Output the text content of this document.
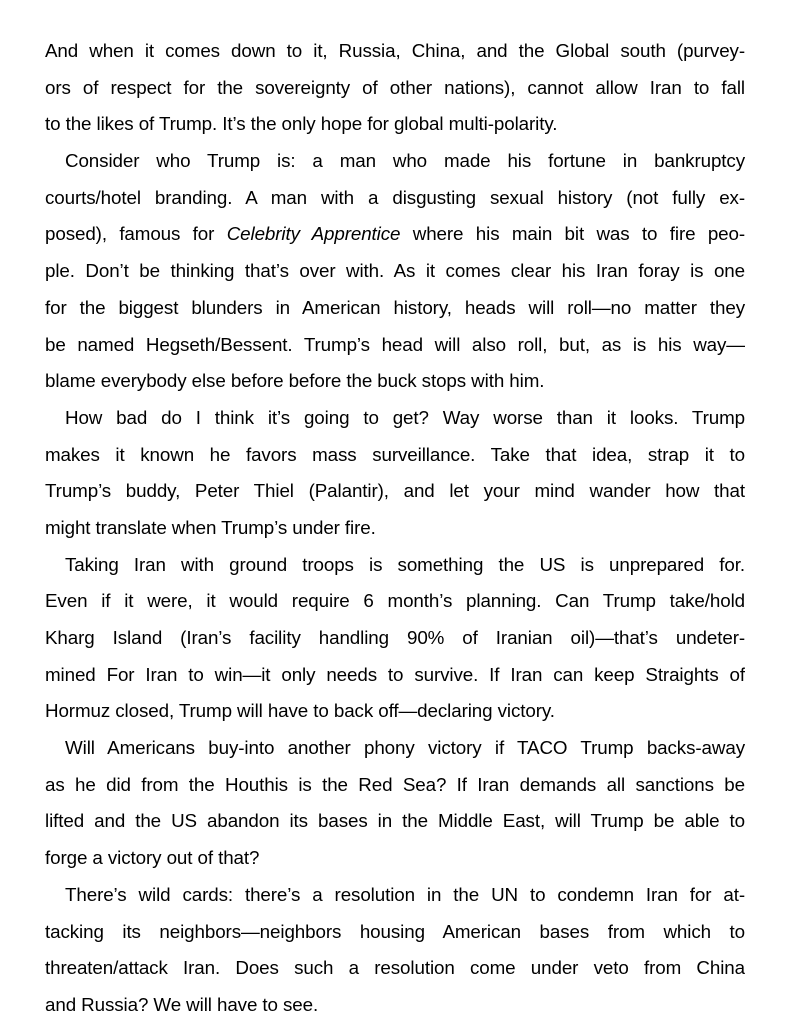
And when it comes down to it, Russia, China, and the Global south (purvey-
ors of respect for the sovereignty of other nations), cannot allow Iran to fall
to the likes of Trump. It’s the only hope for global multi-polarity.
Consider who Trump is: a man who made his fortune in bankruptcy
courts/hotel branding. A man with a disgusting sexual history (not fully ex-
posed), famous for Celebrity Apprentice where his main bit was to fire peo-
ple. Don’t be thinking that’s over with. As it comes clear his Iran foray is one
for the biggest blunders in American history, heads will roll—no matter they
be named Hegseth/Bessent. Trump’s head will also roll, but, as is his way—
blame everybody else before before the buck stops with him.
How bad do I think it’s going to get? Way worse than it looks. Trump
makes it known he favors mass surveillance. Take that idea, strap it to
Trump’s buddy, Peter Thiel (Palantir), and let your mind wander how that
might translate when Trump’s under fire.
Taking Iran with ground troops is something the US is unprepared for.
Even if it were, it would require 6 month’s planning. Can Trump take/hold
Kharg Island (Iran’s facility handling 90% of Iranian oil)—that’s undeter-
mined For Iran to win—it only needs to survive. If Iran can keep Straights of
Hormuz closed, Trump will have to back off—declaring victory.
Will Americans buy-into another phony victory if TACO Trump backs-away
as he did from the Houthis is the Red Sea? If Iran demands all sanctions be
lifted and the US abandon its bases in the Middle East, will Trump be able to
forge a victory out of that?
There’s wild cards: there’s a resolution in the UN to condemn Iran for at-
tacking its neighbors—neighbors housing American bases from which to
threaten/attack Iran. Does such a resolution come under veto from China
and Russia? We will have to see.
